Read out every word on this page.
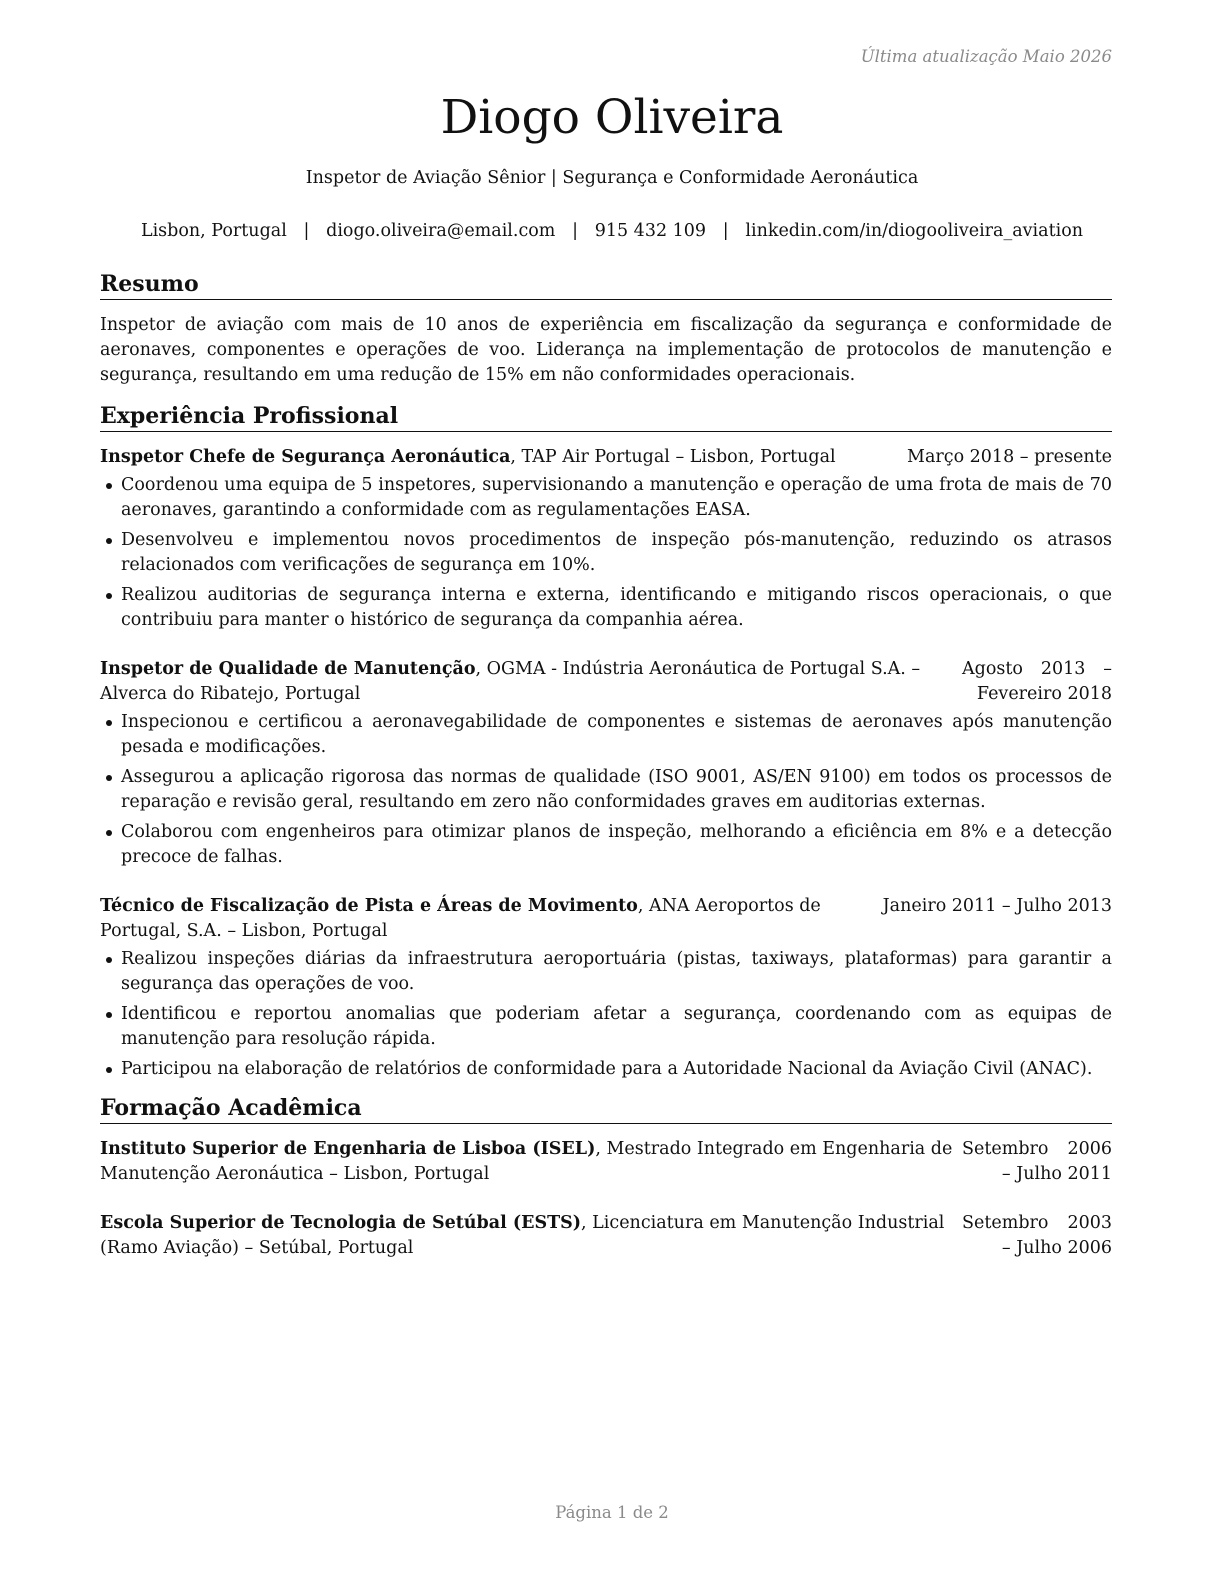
Última atualização Maio 2026
Diogo Oliveira
Inspetor de Aviação Sênior | Segurança e Conformidade Aeronáutica
Lisbon, Portugal | diogo.oliveira@email.com | 915 432 109 | linkedin.com/in/diogooliveira_aviation
Resumo

Inspetor de aviação com mais de 10 anos de experiência em fiscalização da segurança e conformidade de aeronaves, componentes e operações de voo. Liderança na implementação de protocolos de manutenção e segurança, resultando em uma redução de 15% em não conformidades operacionais.

Experiência Profissional
Inspetor Chefe de Segurança Aeronáutica, TAP Air Portugal – Lisbon, Portugal	Março 2018 – presente
Coordenou uma equipa de 5 inspetores, supervisionando a manutenção e operação de uma frota de mais de 70 aeronaves, garantindo a conformidade com as regulamentações EASA.
Desenvolveu e implementou novos procedimentos de inspeção pós-manutenção, reduzindo os atrasos relacionados com verificações de segurança em 10%.
Realizou auditorias de segurança interna e externa, identificando e mitigando riscos operacionais, o que contribuiu para manter o histórico de segurança da companhia aérea.
Inspetor de Qualidade de Manutenção, OGMA - Indústria Aeronáutica de Portugal S.A. – Alverca do Ribatejo, Portugal
Agosto 2013 – Fevereiro 2018
Inspecionou e certificou a aeronavegabilidade de componentes e sistemas de aeronaves após manutenção pesada e modificações.
Assegurou a aplicação rigorosa das normas de qualidade (ISO 9001, AS/EN 9100) em todos os processos de reparação e revisão geral, resultando em zero não conformidades graves em auditorias externas.
Colaborou com engenheiros para otimizar planos de inspeção, melhorando a eficiência em 8% e a detecção precoce de falhas.
Técnico de Fiscalização de Pista e Áreas de Movimento, ANA Aeroportos de Portugal, S.A. – Lisbon, Portugal
Janeiro 2011 – Julho 2013
Realizou inspeções diárias da infraestrutura aeroportuária (pistas, taxiways, plataformas) para garantir a segurança das operações de voo.
Identificou e reportou anomalias que poderiam afetar a segurança, coordenando com as equipas de manutenção para resolução rápida.
Participou na elaboração de relatórios de conformidade para a Autoridade Nacional da Aviação Civil (ANAC).
Formação Acadêmica
Instituto Superior de Engenharia de Lisboa (ISEL), Mestrado Integrado em Engenharia de Manutenção Aeronáutica – Lisbon, Portugal
Setembro 2006 – Julho 2011
Escola Superior de Tecnologia de Setúbal (ESTS), Licenciatura em Manutenção Industrial (Ramo Aviação) – Setúbal, Portugal
Setembro 2003 – Julho 2006
Página 1 de 2
